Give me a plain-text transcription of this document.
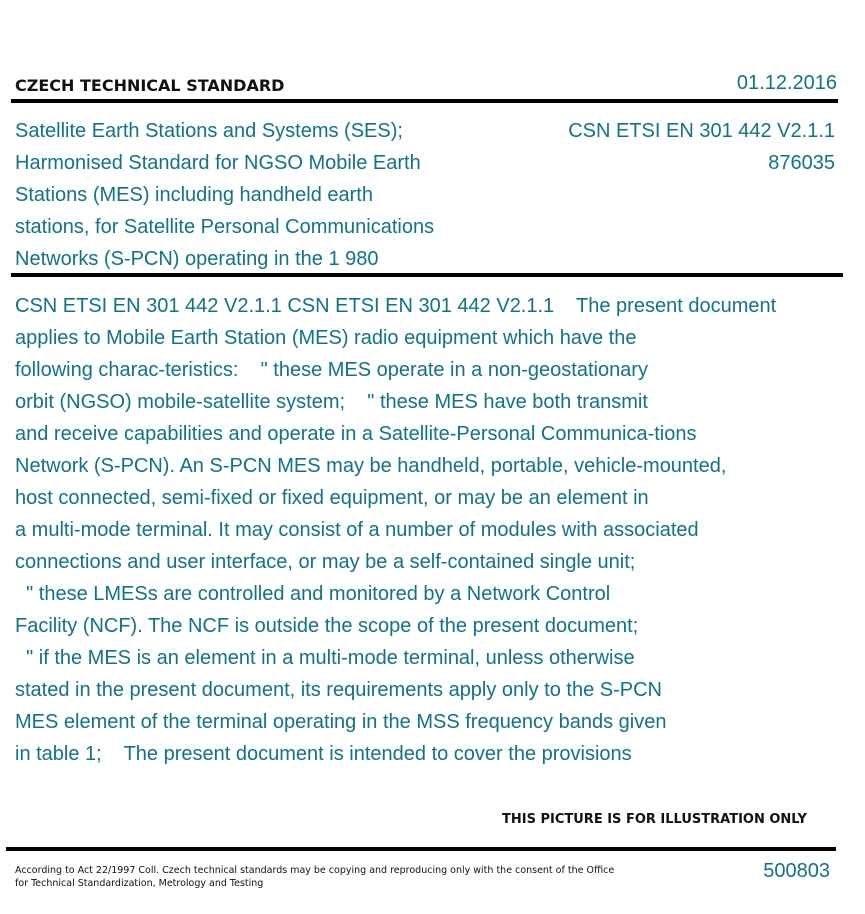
CZECH TECHNICAL STANDARD	01.12.2016
Satellite Earth Stations and Systems (SES);
Harmonised Standard for NGSO Mobile Earth
Stations (MES) including handheld earth
stations, for Satellite Personal Communications
Networks (S-PCN) operating in the 1 980
CSN ETSI EN 301 442 V2.1.1
876035
CSN ETSI EN 301 442 V2.1.1 CSN ETSI EN 301 442 V2.1.1    The present document
applies to Mobile Earth Station (MES) radio equipment which have the
following charac-teristics:    " these MES operate in a non-geostationary
orbit (NGSO) mobile-satellite system;    " these MES have both transmit
and receive capabilities and operate in a Satellite-Personal Communica-tions
Network (S-PCN). An S-PCN MES may be handheld, portable, vehicle-mounted,
host connected, semi-fixed or fixed equipment, or may be an element in
a multi-mode terminal. It may consist of a number of modules with associated
connections and user interface, or may be a self-contained single unit;
" these LMESs are controlled and monitored by a Network Control
Facility (NCF). The NCF is outside the scope of the present document;
" if the MES is an element in a multi-mode terminal, unless otherwise
stated in the present document, its requirements apply only to the S-PCN
MES element of the terminal operating in the MSS frequency bands given
in table 1;    The present document is intended to cover the provisions
THIS PICTURE IS FOR ILLUSTRATION ONLY
According to Act 22/1997 Coll. Czech technical standards may be copying and reproducing only with the consent of the Office
for Technical Standardization, Metrology and Testing
500803
